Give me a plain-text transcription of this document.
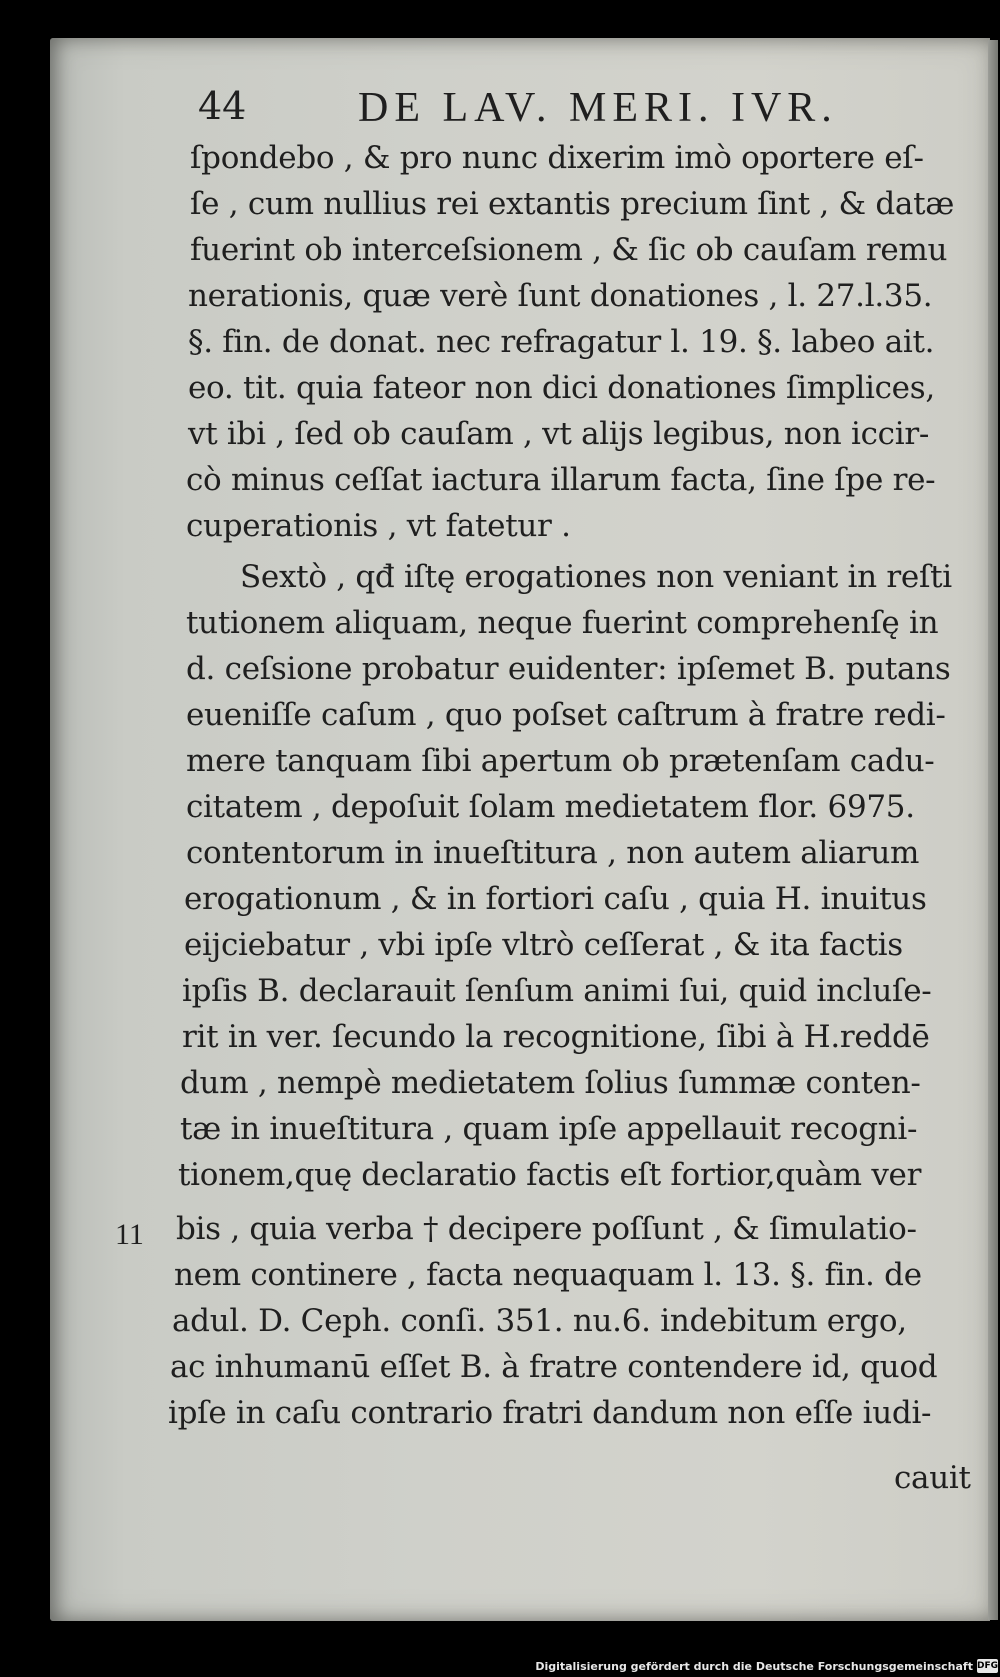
44	DE LAV. MERI. IVR.
ſpondebo , & pro nunc dixerim imò oportere eſ-
ſe , cum nullius rei extantis precium ſint , & datæ
fuerint ob interceſsionem , & ſic ob cauſam remu
nerationis, quæ verè ſunt donationes , l. 27.l.35.
§. fin. de donat. nec refragatur l. 19. §. labeo ait.
eo. tit. quia fateor non dici donationes ſimplices,
vt ibi , ſed ob cauſam , vt alijs legibus, non iccir-
cò minus ceſſat iactura illarum facta, ſine ſpe re-
cuperationis , vt fatetur .
Sextò , qđ iſtę erogationes non veniant in reſti
tutionem aliquam, neque fuerint comprehenſę in
d. ceſsione probatur euidenter: ipſemet B. putans
eueniſſe caſum , quo poſset caſtrum à fratre redi-
mere tanquam ſibi apertum ob prætenſam cadu-
citatem , depoſuit ſolam medietatem flor. 6975.
contentorum in inueſtitura , non autem aliarum
erogationum , & in fortiori caſu , quia H. inuitus
eijciebatur , vbi ipſe vltrò ceſſerat , & ita factis
ipſis B. declarauit ſenſum animi ſui, quid incluſe-
rit in ver. ſecundo la recognitione, ſibi à H.reddē
dum , nempè medietatem ſolius ſummæ conten-
tæ in inueſtitura , quam ipſe appellauit recogni-
tionem,quę declaratio factis eſt fortior,quàm ver
bis , quia verba † decipere poſſunt , & ſimulatio-
nem continere , facta nequaquam l. 13. §. fin. de
adul. D. Ceph. conſi. 351. nu.6. indebitum ergo,
ac inhumanū eſſet B. à fratre contendere id, quod
ipſe in caſu contrario fratri dandum non eſſe iudi-
11
cauit
Digitalisierung gefördert durch die Deutsche Forschungsgemeinschaft DFG
